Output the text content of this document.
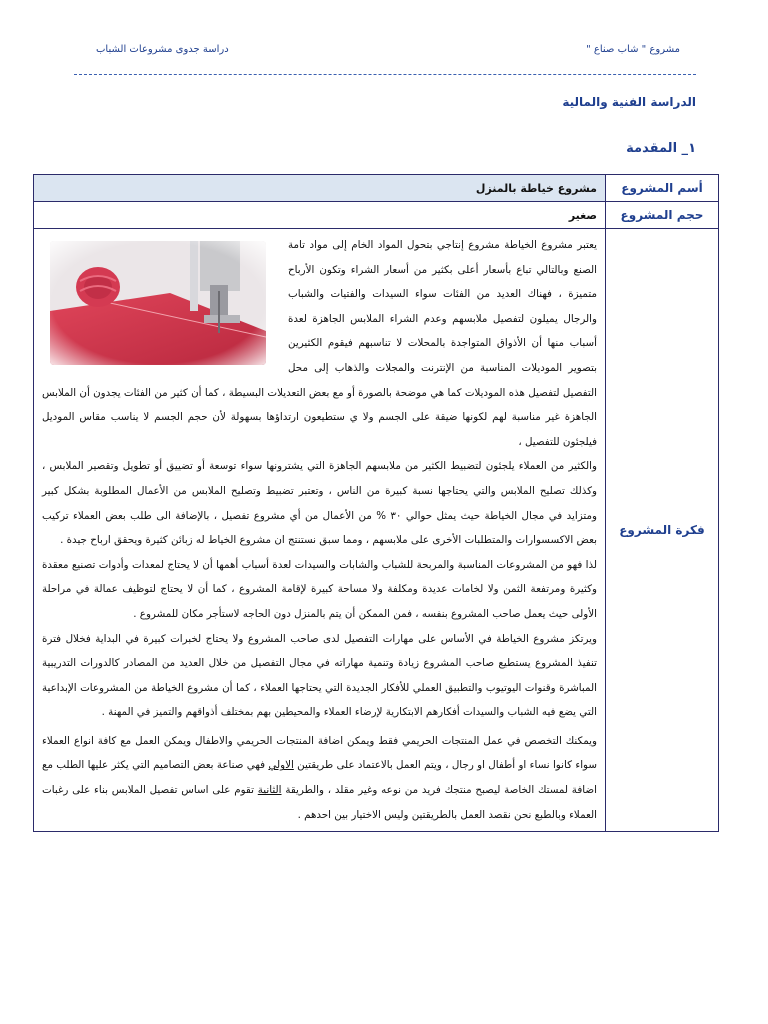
مشروع " شاب صناع "
دراسة جدوى مشروعات الشباب
الدراسة الفنية والمالية
١_ المقدمة
أسم المشروع	مشروع خياطة بالمنزل
حجم المشروع	صغير
فكرة المشروع	يعتبر مشروع الخياطة مشروع إنتاجي بتحول المواد الخام إلى مواد تامة الصنع وبالتالي تباع بأسعار أعلى بكثير من أسعار الشراء وتكون الأرباح متميزة ، فهناك العديد من الفئات سواء السيدات والفتيات والشباب والرجال يميلون لتفصيل ملابسهم وعدم الشراء الملابس الجاهزة لعدة أسباب منها أن الأذواق المتواجدة بالمحلات لا تناسبهم فيقوم الكثيرين بتصوير الموديلات المناسبة من الإنترنت والمجلات والذهاب إلى محل التفصيل لتفصيل هذه الموديلات كما هي موضحة بالصورة أو مع بعض التعديلات البسيطة ، كما أن كثير من الفئات يجدون أن الملابس الجاهزة غير مناسبة لهم لكونها ضيقة على الجسم ولا ي ستطيعون ارتداؤها بسهولة لأن حجم الجسم لا يناسب مقاس الموديل فيلجئون للتفصيل ،

والكثير من العملاء يلجئون لتضبيط الكثير من ملابسهم الجاهزة التي يشترونها سواء توسعة أو تضييق أو تطويل وتقصير الملابس ، وكذلك تصليح الملابس والتي يحتاجها نسبة كبيرة من الناس ، وتعتبر تضبيط وتصليح الملابس من الأعمال المطلوبة بشكل كبير ومتزايد في مجال الخياطة حيث يمثل حوالي ٣٠ % من الأعمال من أي مشروع تفصيل ، بالإضافة الى طلب بعض العملاء تركيب بعض الاكسسوارات والمتطلبات الأخرى على ملابسهم ، ومما سبق نستنتج ان مشروع الخياط له زبائن كثيرة ويحقق ارباح جيدة .

لذا فهو من المشروعات المناسبة والمربحة للشباب والشابات والسيدات لعدة أسباب أهمها أن لا يحتاج لمعدات وأدوات تصنيع معقدة وكثيرة ومرتفعة الثمن ولا لخامات عديدة ومكلفة ولا مساحة كبيرة لإقامة المشروع ، كما أن لا يحتاج لتوظيف عمالة في مراحلة الأولى حيث يعمل صاحب المشروع بنفسه ، فمن الممكن أن يتم بالمنزل دون الحاجه لاستأجر مكان للمشروع .

ويرتكز مشروع الخياطة في الأساس على مهارات التفصيل لدى صاحب المشروع ولا يحتاج لخبرات كبيرة في البداية فخلال فترة تنفيذ المشروع يستطيع صاحب المشروع زيادة وتنمية مهاراته في مجال التفصيل من خلال العديد من المصادر كالدورات التدريبية المباشرة وقنوات اليوتيوب والتطبيق العملي للأفكار الجديدة التي يحتاجها العملاء ، كما أن مشروع الخياطة من المشروعات الإبداعية التي يضع فيه الشباب والسيدات أفكارهم الابتكارية لإرضاء العملاء والمحيطين بهم بمختلف أذواقهم والتميز في المهنة .

ويمكنك التخصص في عمل المنتجات الحريمي فقط ويمكن اضافة المنتجات الحريمي والاطفال ويمكن العمل مع كافة انواع العملاء سواء كانوا نساء او أطفال او رجال ، ويتم العمل بالاعتماد على طريقتين الاولي فهي صناعة بعض التصاميم التي يكثر عليها الطلب مع اضافة لمستك الخاصة ليصبح منتجك فريد من نوعه وغير مقلد ، والطريقة الثانية تقوم على اساس تفصيل الملابس بناء على رغبات العملاء وبالطبع نحن نقصد العمل بالطريقتين وليس الاختيار بين احدهم .
